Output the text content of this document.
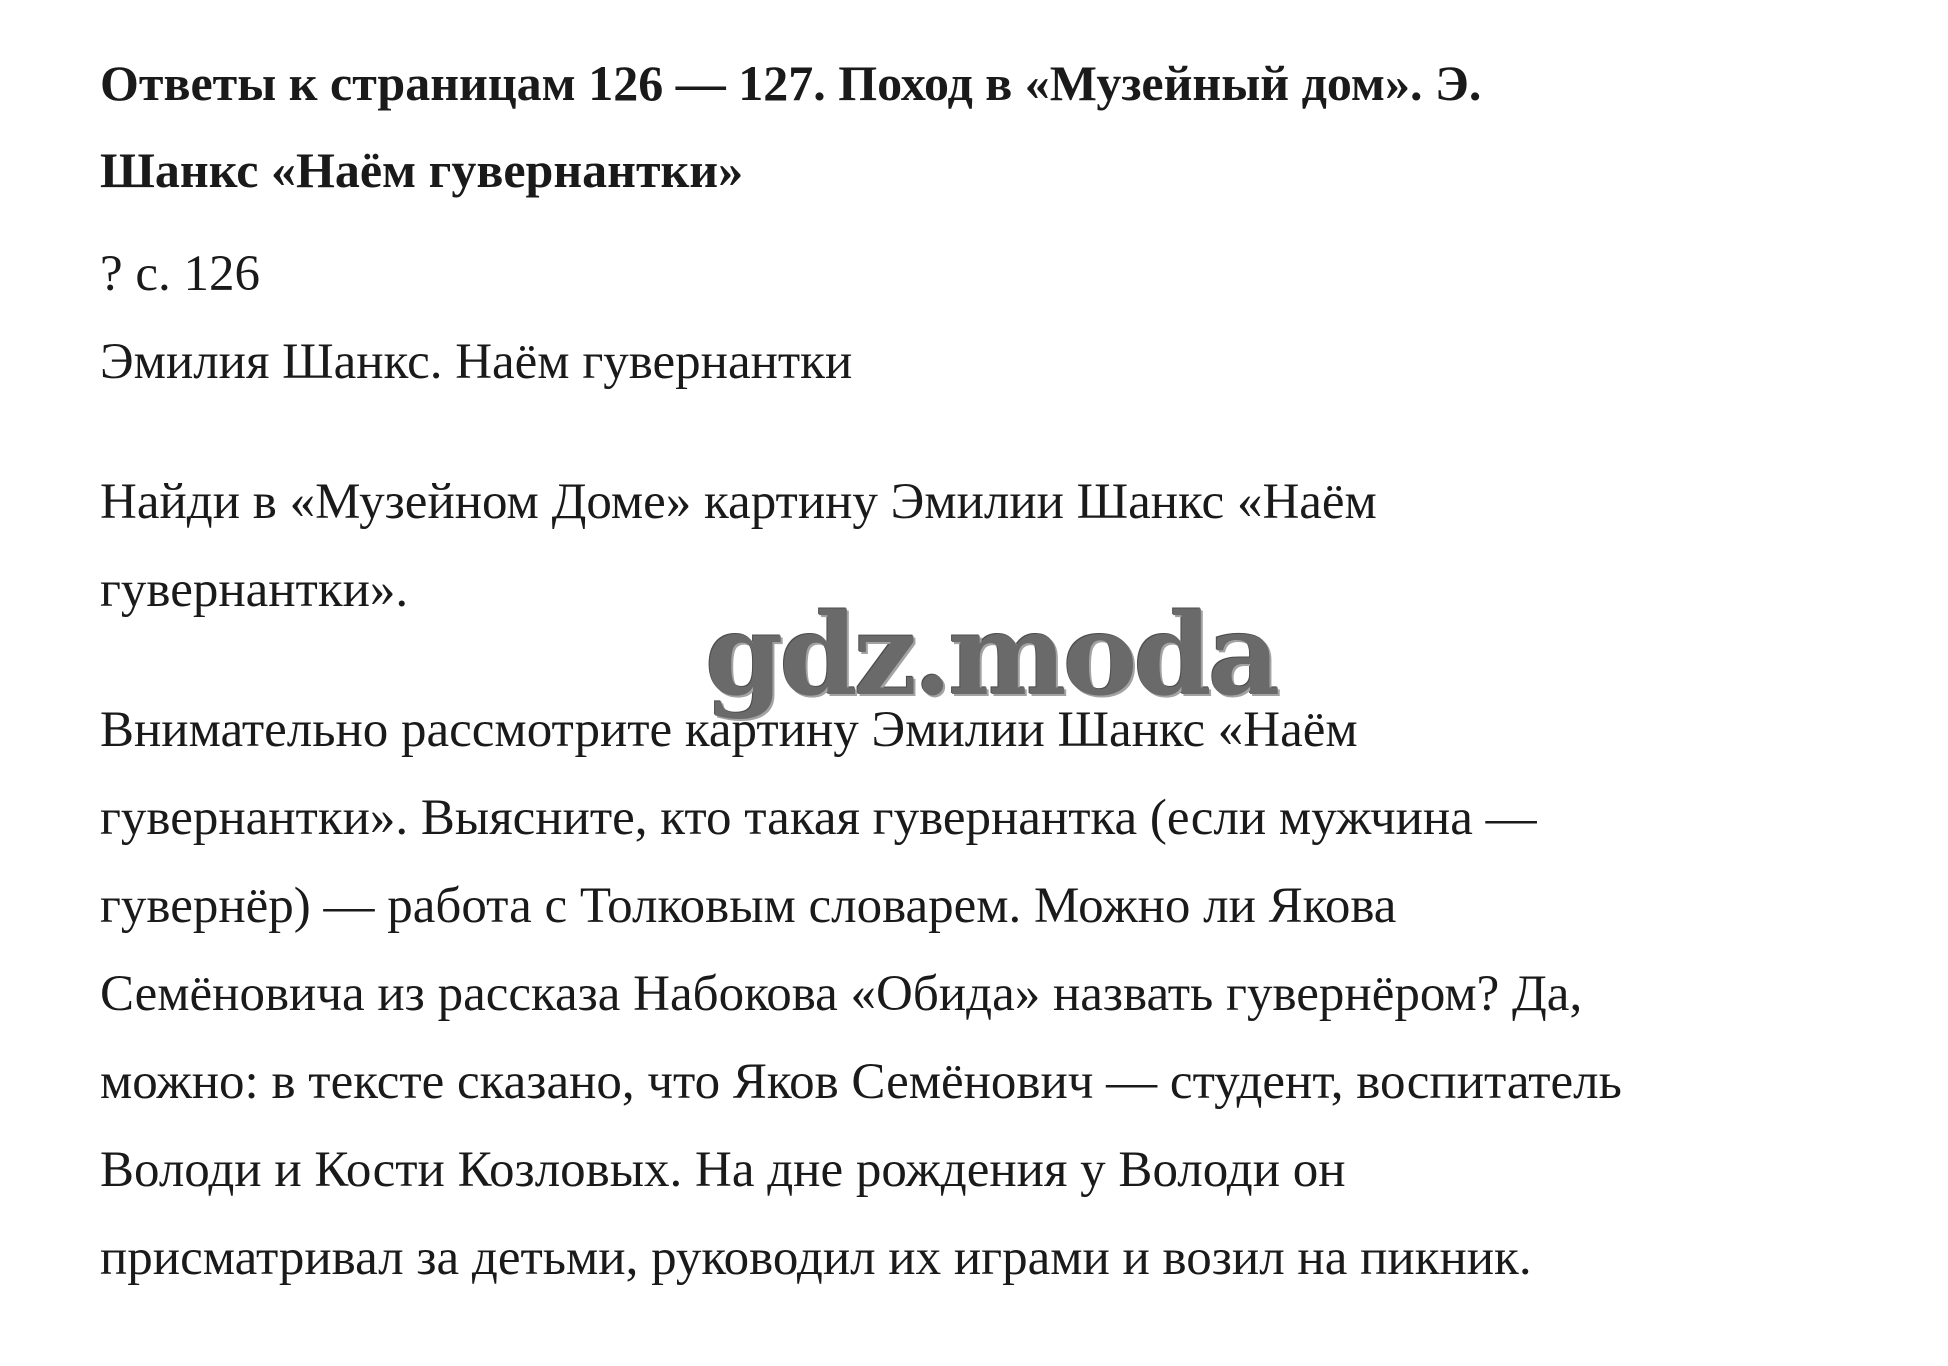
Ответы к страницам 126 — 127. Поход в «Музейный дом». Э.
Шанкс «Наём гувернантки»
? с. 126
Эмилия Шанкс. Наём гувернантки
Найди в «Музейном Доме» картину Эмилии Шанкс «Наём
гувернантки».
Внимательно рассмотрите картину Эмилии Шанкс «Наём
гувернантки». Выясните, кто такая гувернантка (если мужчина —
гувернёр) — работа с Толковым словарем. Можно ли Якова
Семёновича из рассказа Набокова «Обида» назвать гувернёром? Да,
можно: в тексте сказано, что Яков Семёнович — студент, воспитатель
Володи и Кости Козловых. На дне рождения у Володи он
присматривал за детьми, руководил их играми и возил на пикник.
gdz.moda
